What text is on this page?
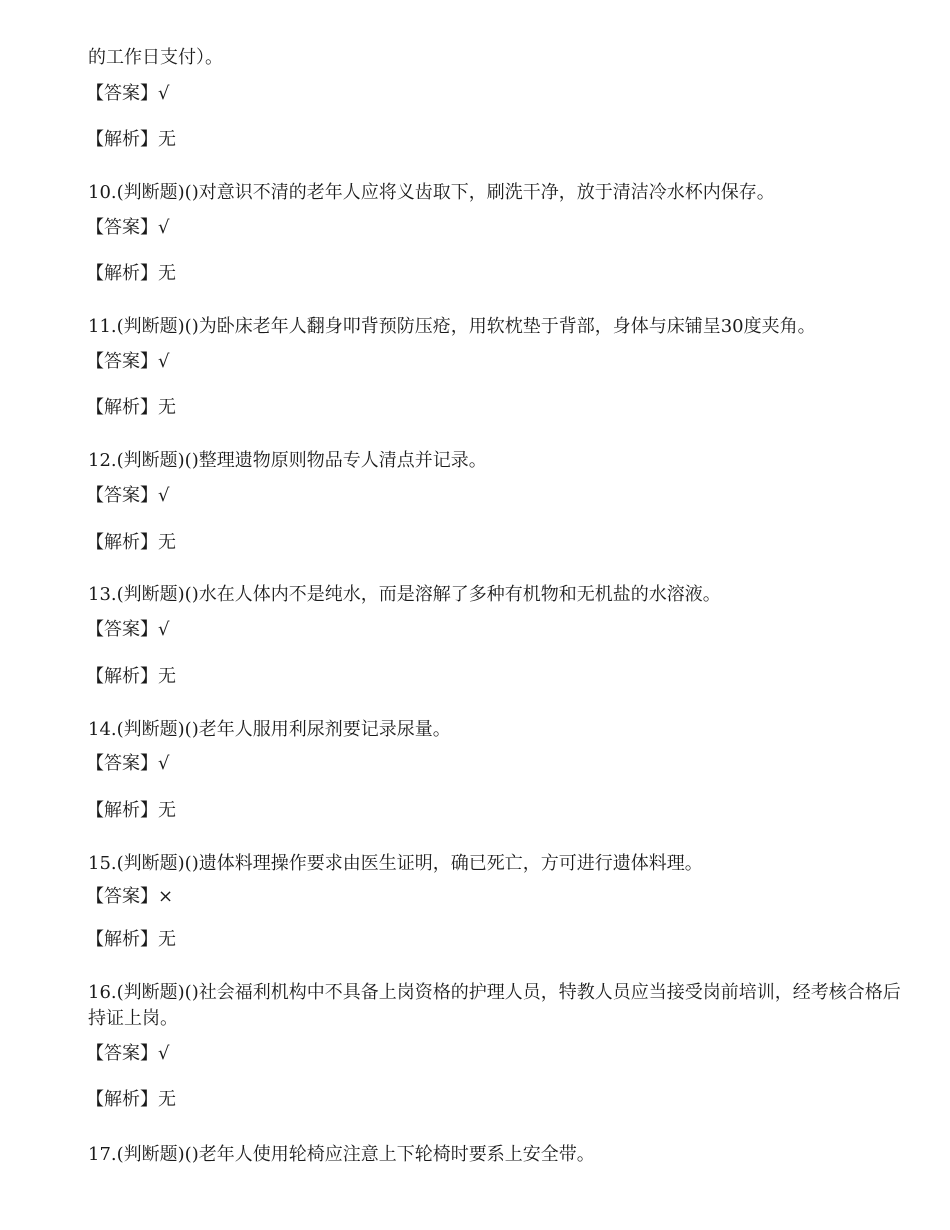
的工作日支付）。
【答案】√
【解析】无
10.(判断题)()对意识不清的老年人应将义齿取下，刷洗干净，放于清洁冷水杯内保存。
【答案】√
【解析】无
11.(判断题)()为卧床老年人翻身叩背预防压疮，用软枕垫于背部，身体与床铺呈30度夹角。
【答案】√
【解析】无
12.(判断题)()整理遗物原则物品专人清点并记录。
【答案】√
【解析】无
13.(判断题)()水在人体内不是纯水，而是溶解了多种有机物和无机盐的水溶液。
【答案】√
【解析】无
14.(判断题)()老年人服用利尿剂要记录尿量。
【答案】√
【解析】无
15.(判断题)()遗体料理操作要求由医生证明，确已死亡，方可进行遗体料理。
【答案】×
【解析】无
16.(判断题)()社会福利机构中不具备上岗资格的护理人员，特教人员应当接受岗前培训，经考核合格后持证上岗。
【答案】√
【解析】无
17.(判断题)()老年人使用轮椅应注意上下轮椅时要系上安全带。
